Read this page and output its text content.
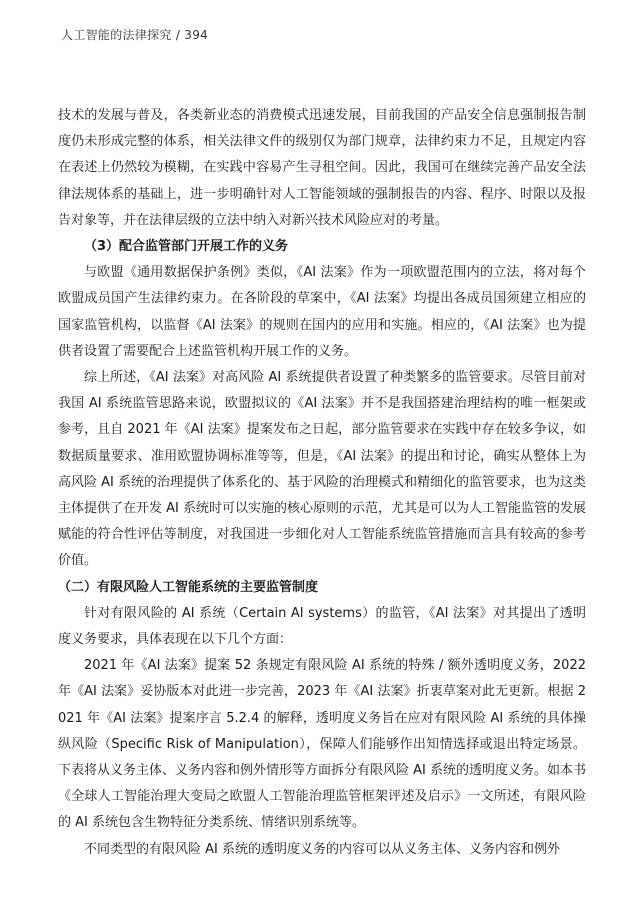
人工智能的法律探究 / 394

技术的发展与普及，各类新业态的消费模式迅速发展，目前我国的产品安全信息强制报告制度仍未形成完整的体系，相关法律文件的级别仅为部门规章，法律约束力不足，且规定内容在表述上仍然较为模糊，在实践中容易产生寻租空间。因此，我国可在继续完善产品安全法律法规体系的基础上，进一步明确针对人工智能领域的强制报告的内容、程序、时限以及报告对象等，并在法律层级的立法中纳入对新兴技术风险应对的考量。

（3）配合监管部门开展工作的义务

与欧盟《通用数据保护条例》类似，《AI 法案》作为一项欧盟范围内的立法，将对每个欧盟成员国产生法律约束力。在各阶段的草案中，《AI 法案》均提出各成员国须建立相应的国家监管机构，以监督《AI 法案》的规则在国内的应用和实施。相应的，《AI 法案》也为提供者设置了需要配合上述监管机构开展工作的义务。

综上所述，《AI 法案》对高风险 AI 系统提供者设置了种类繁多的监管要求。尽管目前对我国 AI 系统监管思路来说，欧盟拟议的《AI 法案》并不是我国搭建治理结构的唯一框架或参考，且自 2021 年《AI 法案》提案发布之日起，部分监管要求在实践中存在较多争议，如数据质量要求、准用欧盟协调标准等等，但是，《AI 法案》的提出和讨论，确实从整体上为高风险 AI 系统的治理提供了体系化的、基于风险的治理模式和精细化的监管要求，也为这类主体提供了在开发 AI 系统时可以实施的核心原则的示范，尤其是可以为人工智能监管的发展赋能的符合性评估等制度，对我国进一步细化对人工智能系统监管措施而言具有较高的参考价值。

（二）有限风险人工智能系统的主要监管制度

针对有限风险的 AI 系统（Certain AI systems）的监管，《AI 法案》对其提出了透明度义务要求，具体表现在以下几个方面：

2021 年《AI 法案》提案 52 条规定有限风险 AI 系统的特殊 / 额外透明度义务，2022 年《AI 法案》妥协版本对此进一步完善，2023 年《AI 法案》折衷草案对此无更新。根据 2021 年《AI 法案》提案序言 5.2.4 的解释，透明度义务旨在应对有限风险 AI 系统的具体操纵风险（Specific Risk of Manipulation），保障人们能够作出知情选择或退出特定场景。下表将从义务主体、义务内容和例外情形等方面拆分有限风险 AI 系统的透明度义务。如本书《全球人工智能治理大变局之欧盟人工智能治理监管框架评述及启示》一文所述，有限风险的 AI 系统包含生物特征分类系统、情绪识别系统等。

不同类型的有限风险 AI 系统的透明度义务的内容可以从义务主体、义务内容和例外
